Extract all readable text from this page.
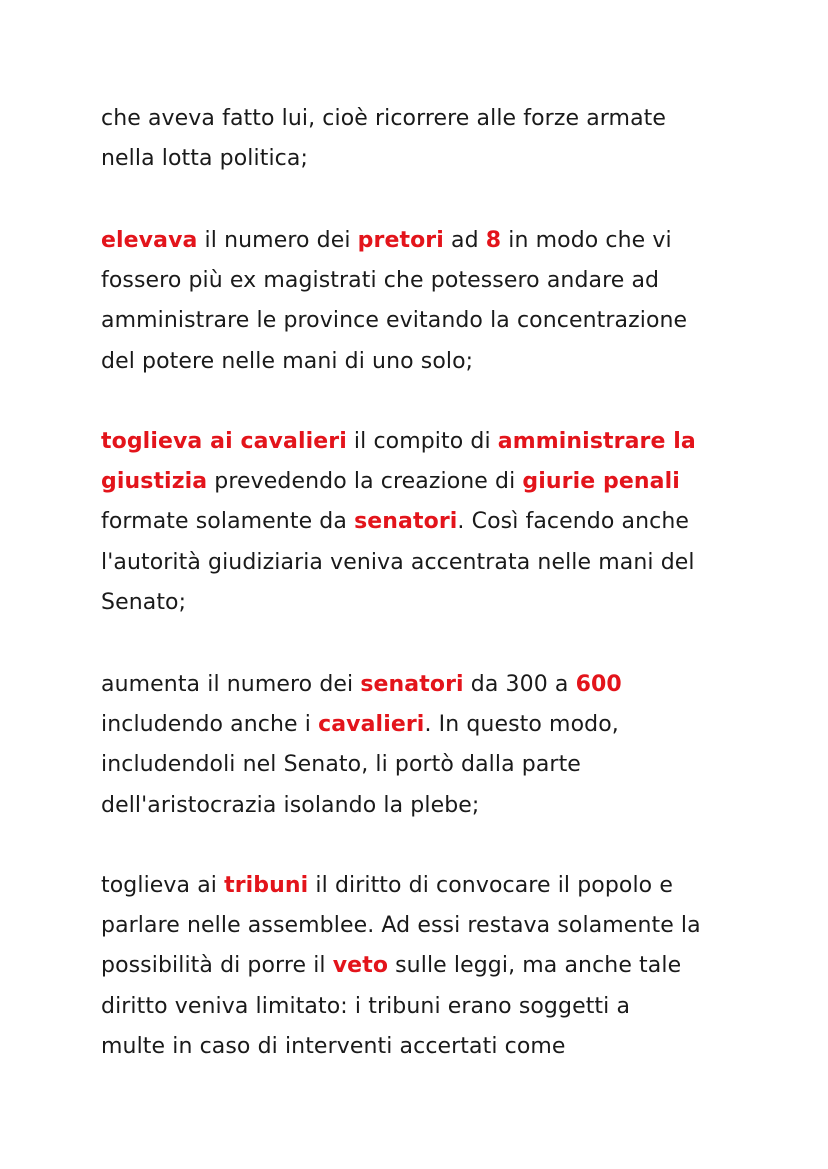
che aveva fatto lui, cioè ricorrere alle forze armate
nella lotta politica;

elevava il numero dei pretori ad 8 in modo che vi
fossero più ex magistrati che potessero andare ad
amministrare le province evitando la concentrazione
del potere nelle mani di uno solo;

toglieva ai cavalieri il compito di amministrare la
giustizia prevedendo la creazione di giurie penali
formate solamente da senatori. Così facendo anche
l'autorità giudiziaria veniva accentrata nelle mani del
Senato;

aumenta il numero dei senatori da 300 a 600
includendo anche i cavalieri. In questo modo,
includendoli nel Senato, li portò dalla parte
dell'aristocrazia isolando la plebe;

toglieva ai tribuni il diritto di convocare il popolo e
parlare nelle assemblee. Ad essi restava solamente la
possibilità di porre il veto sulle leggi, ma anche tale
diritto veniva limitato: i tribuni erano soggetti a
multe in caso di interventi accertati come
